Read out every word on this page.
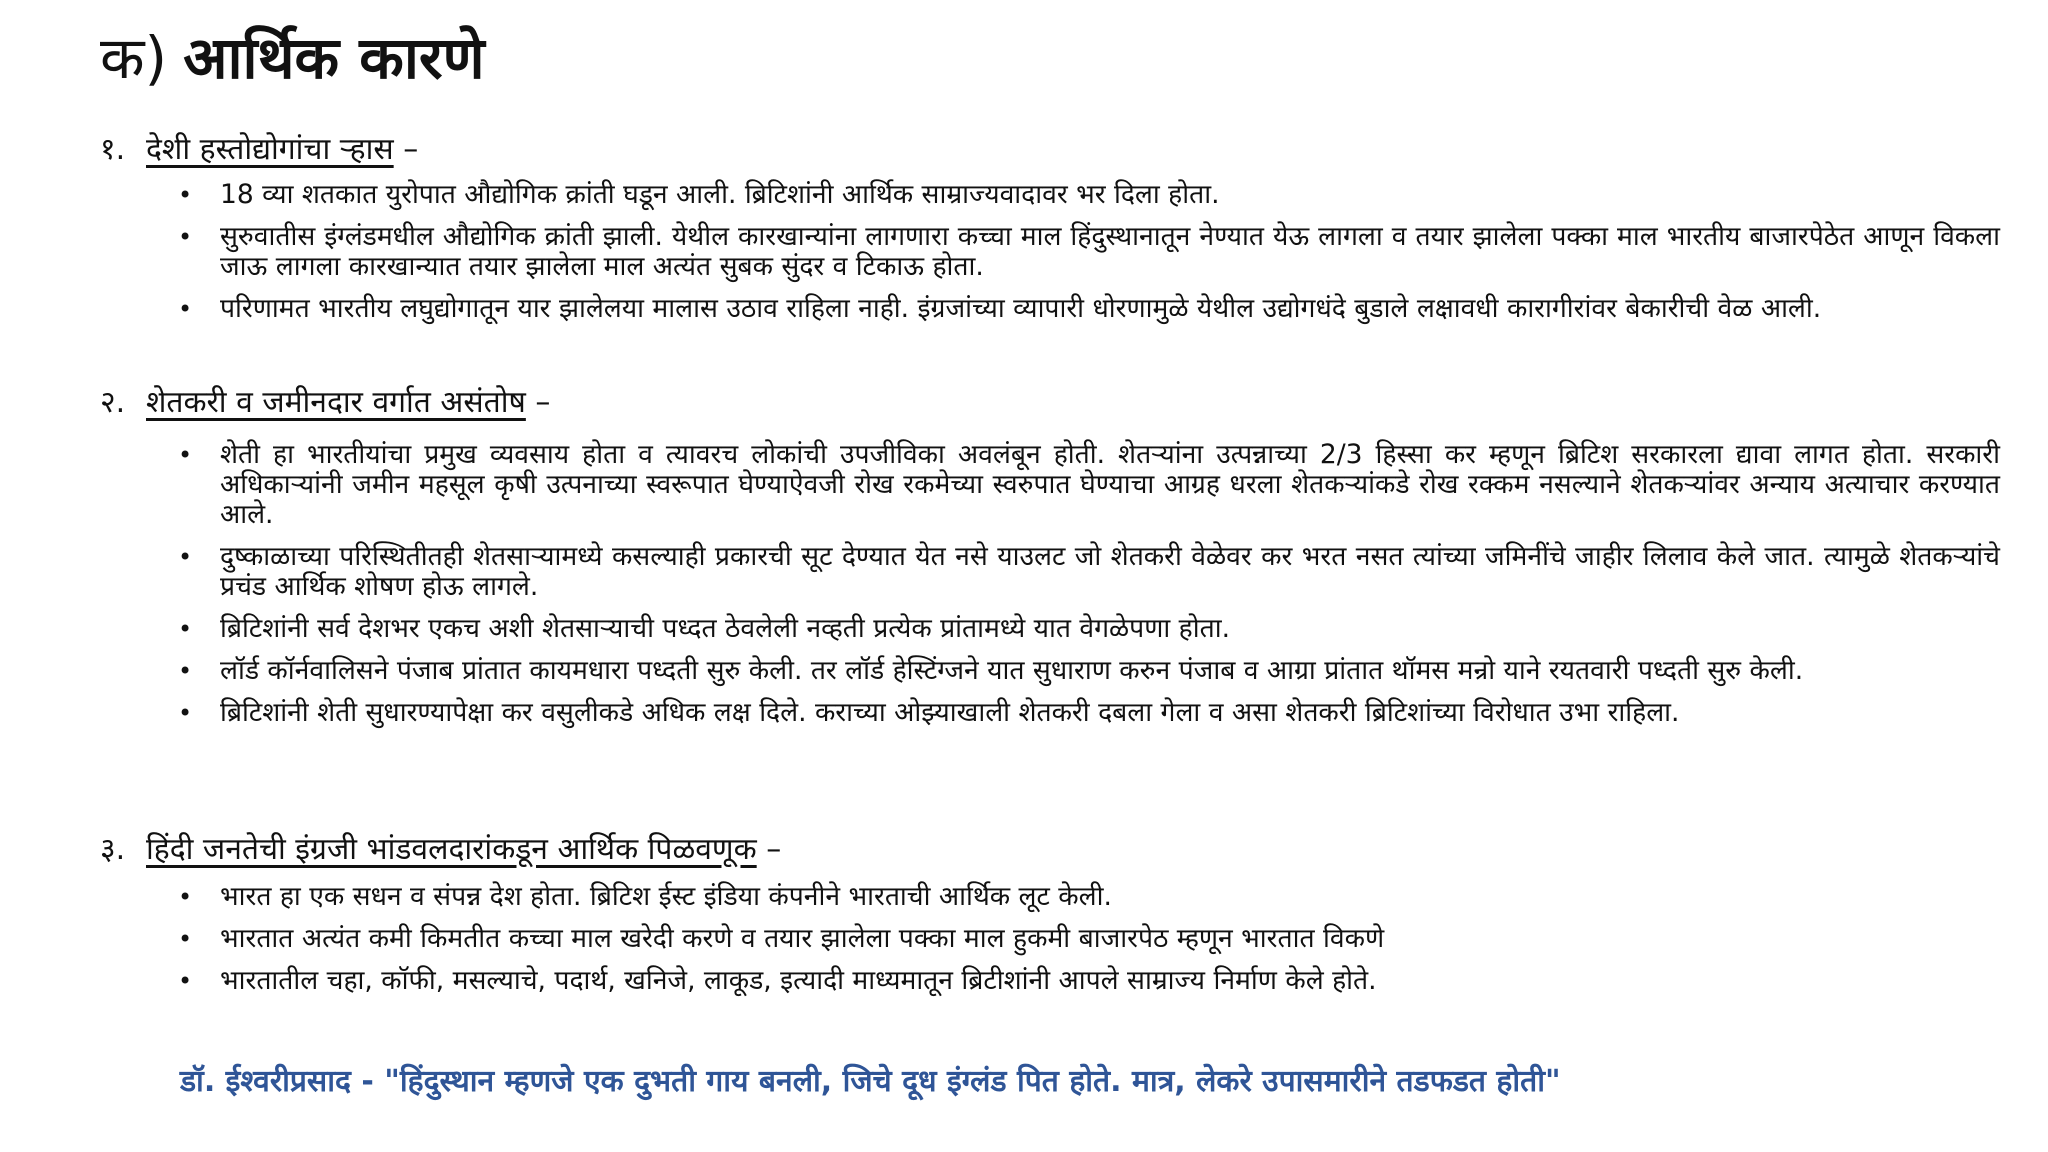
क) आर्थिक कारणे
१. देशी हस्तोद्योगांचा ऱ्हास –
• 18 व्या शतकात युरोपात औद्योगिक क्रांती घडून आली. ब्रिटिशांनी आर्थिक साम्राज्यवादावर भर दिला होता.
• सुरुवातीस इंग्लंडमधील औद्योगिक क्रांती झाली. येथील कारखान्यांना लागणारा कच्चा माल हिंदुस्थानातून नेण्यात येऊ लागला व तयार झालेला पक्का माल भारतीय बाजारपेठेत आणून विकला जाऊ लागला कारखान्यात तयार झालेला माल अत्यंत सुबक सुंदर व टिकाऊ होता.
• परिणामत भारतीय लघुद्योगातून यार झालेलया मालास उठाव राहिला नाही. इंग्रजांच्या व्यापारी धोरणामुळे येथील उद्योगधंदे बुडाले लक्षावधी कारागीरांवर बेकारीची वेळ आली.
२. शेतकरी व जमीनदार वर्गात असंतोष –
• शेती हा भारतीयांचा प्रमुख व्यवसाय होता व त्यावरच लोकांची उपजीविका अवलंबून होती. शेतऱ्यांना उत्पन्नाच्या 2/3 हिस्सा कर म्हणून ब्रिटिश सरकारला द्यावा लागत होता. सरकारी अधिकाऱ्यांनी जमीन महसूल कृषी उत्पनाच्या स्वरूपात घेण्याऐवजी रोख रकमेच्या स्वरुपात घेण्याचा आग्रह धरला शेतकऱ्यांकडे रोख रक्कम नसल्याने शेतकऱ्यांवर अन्याय अत्याचार करण्यात आले.
• दुष्काळाच्या परिस्थितीतही शेतसाऱ्यामध्ये कसल्याही प्रकारची सूट देण्यात येत नसे याउलट जो शेतकरी वेळेवर कर भरत नसत त्यांच्या जमिनींचे जाहीर लिलाव केले जात. त्यामुळे शेतकऱ्यांचे प्रचंड आर्थिक शोषण होऊ लागले.
• ब्रिटिशांनी सर्व देशभर एकच अशी शेतसाऱ्याची पध्दत ठेवलेली नव्हती प्रत्येक प्रांतामध्ये यात वेगळेपणा होता.
• लॉर्ड कॉर्नवालिसने पंजाब प्रांतात कायमधारा पध्दती सुरु केली. तर लॉर्ड हेस्टिंग्जने यात सुधाराण करुन पंजाब व आग्रा प्रांतात थॉमस मन्रो याने रयतवारी पध्दती सुरु केली.
• ब्रिटिशांनी शेती सुधारण्यापेक्षा कर वसुलीकडे अधिक लक्ष दिले. कराच्या ओझ्याखाली शेतकरी दबला गेला व असा शेतकरी ब्रिटिशांच्या विरोधात उभा राहिला.
३. हिंदी जनतेची इंग्रजी भांडवलदारांकडून आर्थिक पिळवणूक –
• भारत हा एक सधन व संपन्न देश होता. ब्रिटिश ईस्ट इंडिया कंपनीने भारताची आर्थिक लूट केली.
• भारतात अत्यंत कमी किमतीत कच्चा माल खरेदी करणे व तयार झालेला पक्का माल हुकमी बाजारपेठ म्हणून भारतात विकणे
• भारतातील चहा, कॉफी, मसल्याचे, पदार्थ, खनिजे, लाकूड, इत्यादी माध्यमातून ब्रिटीशांनी आपले साम्राज्य निर्माण केले होते.
डॉ. ईश्वरीप्रसाद - "हिंदुस्थान म्हणजे एक दुभती गाय बनली, जिचे दूध इंग्लंड पित होते. मात्र, लेकरे उपासमारीने तडफडत होती"
